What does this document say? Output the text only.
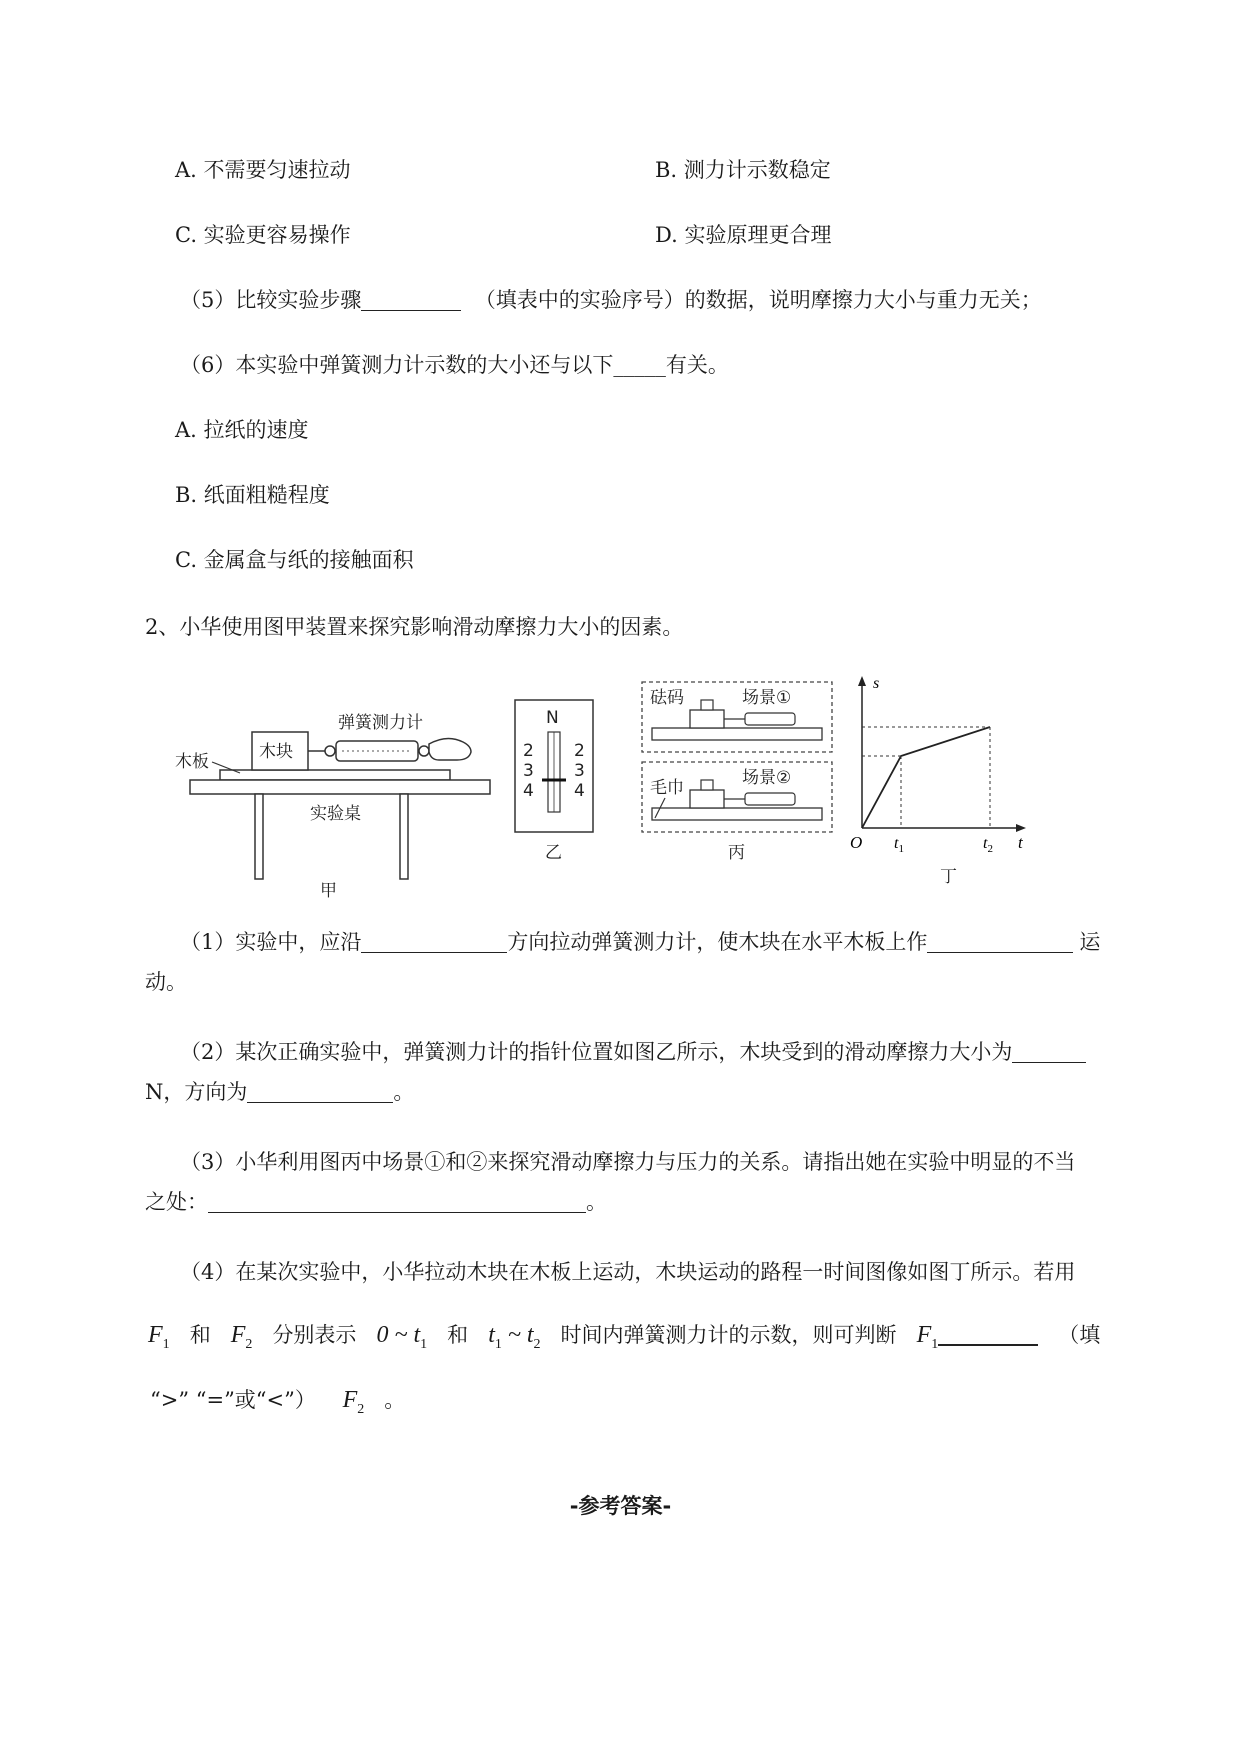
A. 不需要匀速拉动	B. 测力计示数稳定
C. 实验更容易操作	D. 实验原理更合理
（5）比较实验步骤	（填表中的实验序号）的数据，说明摩擦力大小与重力无关；
（6）本实验中弹簧测力计示数的大小还与以下_____有关。
A. 拉纸的速度
B. 纸面粗糙程度
C. 金属盒与纸的接触面积
2、小华使用图甲装置来探究影响滑动摩擦力大小的因素。
木块
弹簧测力计
木板
实验桌
甲
N
2
3
4
2
3
4
乙
砝码	场景①
毛巾	场景②
丙
s
t
O $t_1$	$t_2$
丁
（1）实验中，应沿	方向拉动弹簧测力计，使木块在水平木板上作	运
动。
（2）某次正确实验中，弹簧测力计的指针位置如图乙所示，木块受到的滑动摩擦力大小为
N，方向为	。
（3）小华利用图丙中场景①和②来探究滑动摩擦力与压力的关系。请指出她在实验中明显的不当
之处：	。
（4）在某次实验中，小华拉动木块在木板上运动，木块运动的路程一时间图像如图丁所示。若用
$F_1$ 和 $F_2$ 分别表示 0 ~ $t_1$ 和 $t_1$ ~ $t_2$ 时间内弹簧测力计的示数，则可判断 $F_1$	（填
“>” “=”或“<”） $F_2$ 。
-参考答案-
